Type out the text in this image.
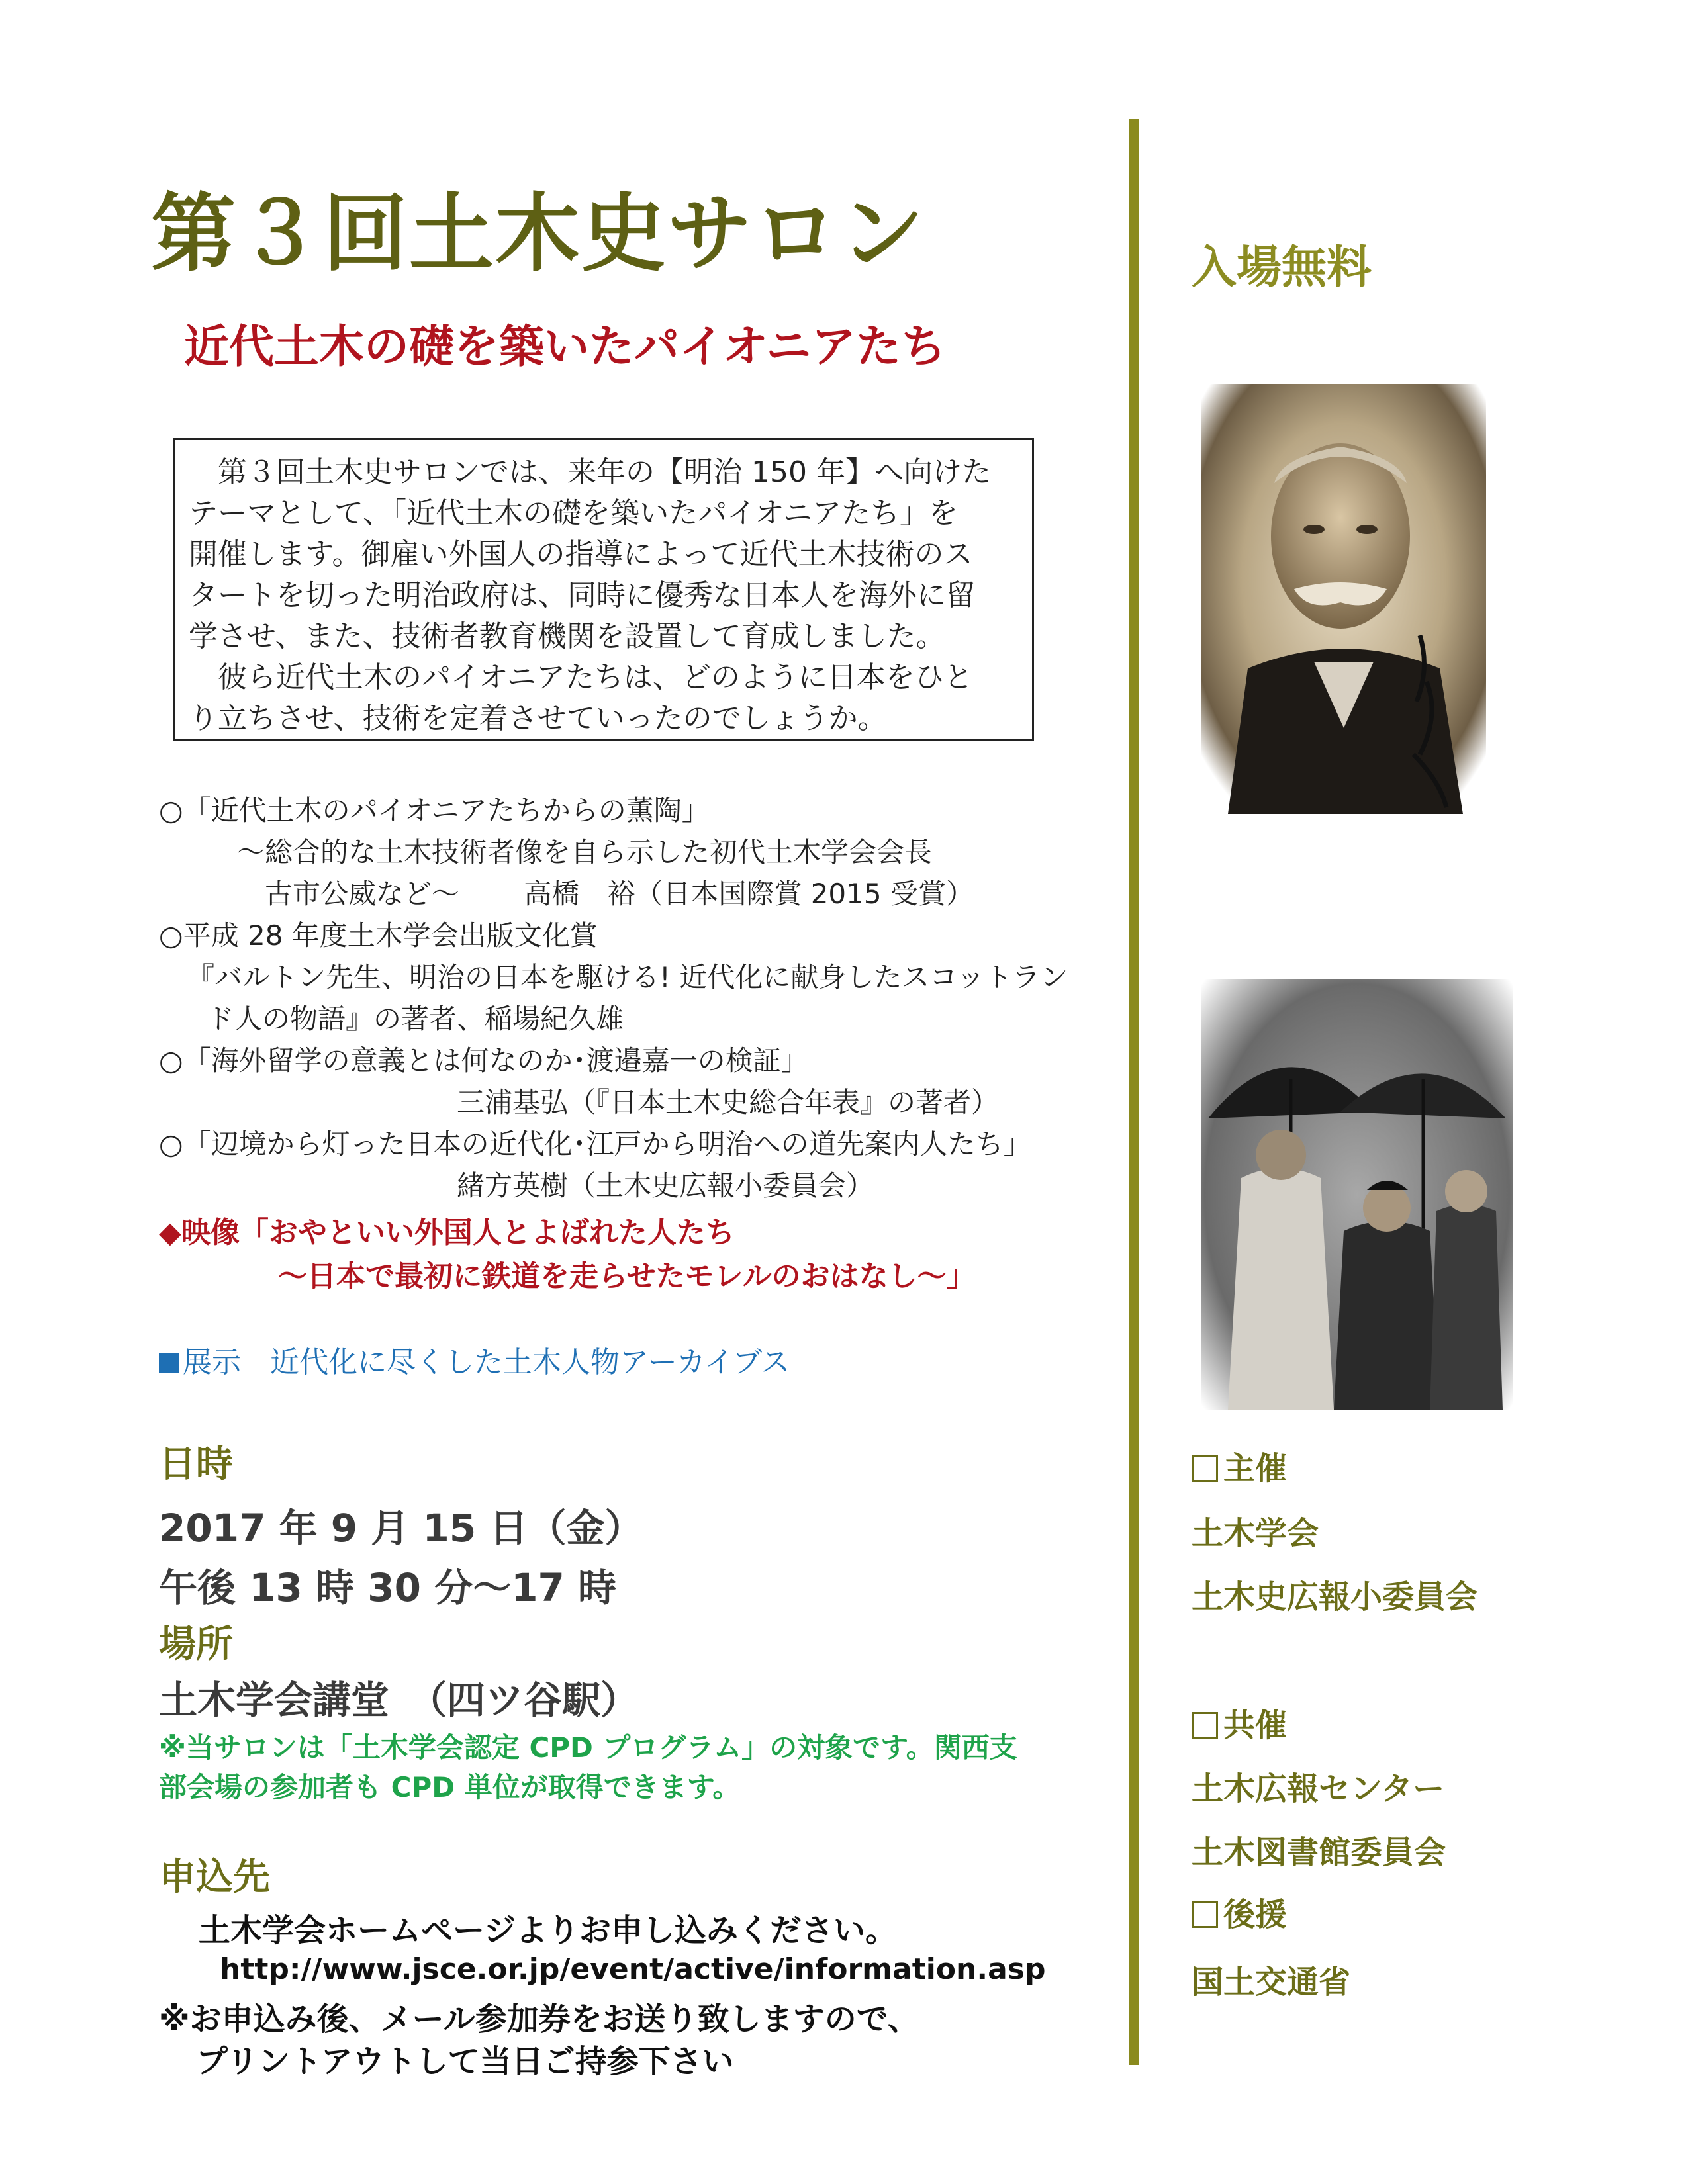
第３回土木史サロン
近代土木の礎を築いたパイオニアたち
　第３回土木史サロンでは、来年の【明治 150 年】へ向けた
テーマとして、「近代土木の礎を築いたパイオニアたち」を
開催します。御雇い外国人の指導によって近代土木技術のス
タートを切った明治政府は、同時に優秀な日本人を海外に留
学させ、また、技術者教育機関を設置して育成しました。
　彼ら近代土木のパイオニアたちは、どのように日本をひと
り立ちさせ、技術を定着させていったのでしょうか。
○「近代土木のパイオニアたちからの薫陶」
～総合的な土木技術者像を自ら示した初代土木学会会長
古市公威など～　　 高橋　裕（日本国際賞 2015 受賞）
○平成 28 年度土木学会出版文化賞
『バルトン先生、明治の日本を駆ける! 近代化に献身したスコットラン
ド人の物語』の著者、稲場紀久雄
○「海外留学の意義とは何なのか･渡邉嘉一の検証」
三浦基弘（『日本土木史総合年表』の著者）
○「辺境から灯った日本の近代化･江戸から明治への道先案内人たち」
緒方英樹（土木史広報小委員会）
◆映像「おやといい外国人とよばれた人たち
～日本で最初に鉄道を走らせたモレルのおはなし～」
展示　近代化に尽くした土木人物アーカイブス
日時
2017 年 9 月 15 日（金）
午後 13 時 30 分～17 時
場所
土木学会講堂　（四ツ谷駅）
※当サロンは「土木学会認定 CPD プログラム」の対象です。関西支
部会場の参加者も CPD 単位が取得できます。
申込先
土木学会ホームページよりお申し込みください。
http://www.jsce.or.jp/event/active/information.asp
※お申込み後、メール参加券をお送り致しますので、
プリントアウトして当日ご持参下さい
入場無料
主催
土木学会
土木史広報小委員会
共催
土木広報センター
土木図書館委員会
後援
国土交通省
